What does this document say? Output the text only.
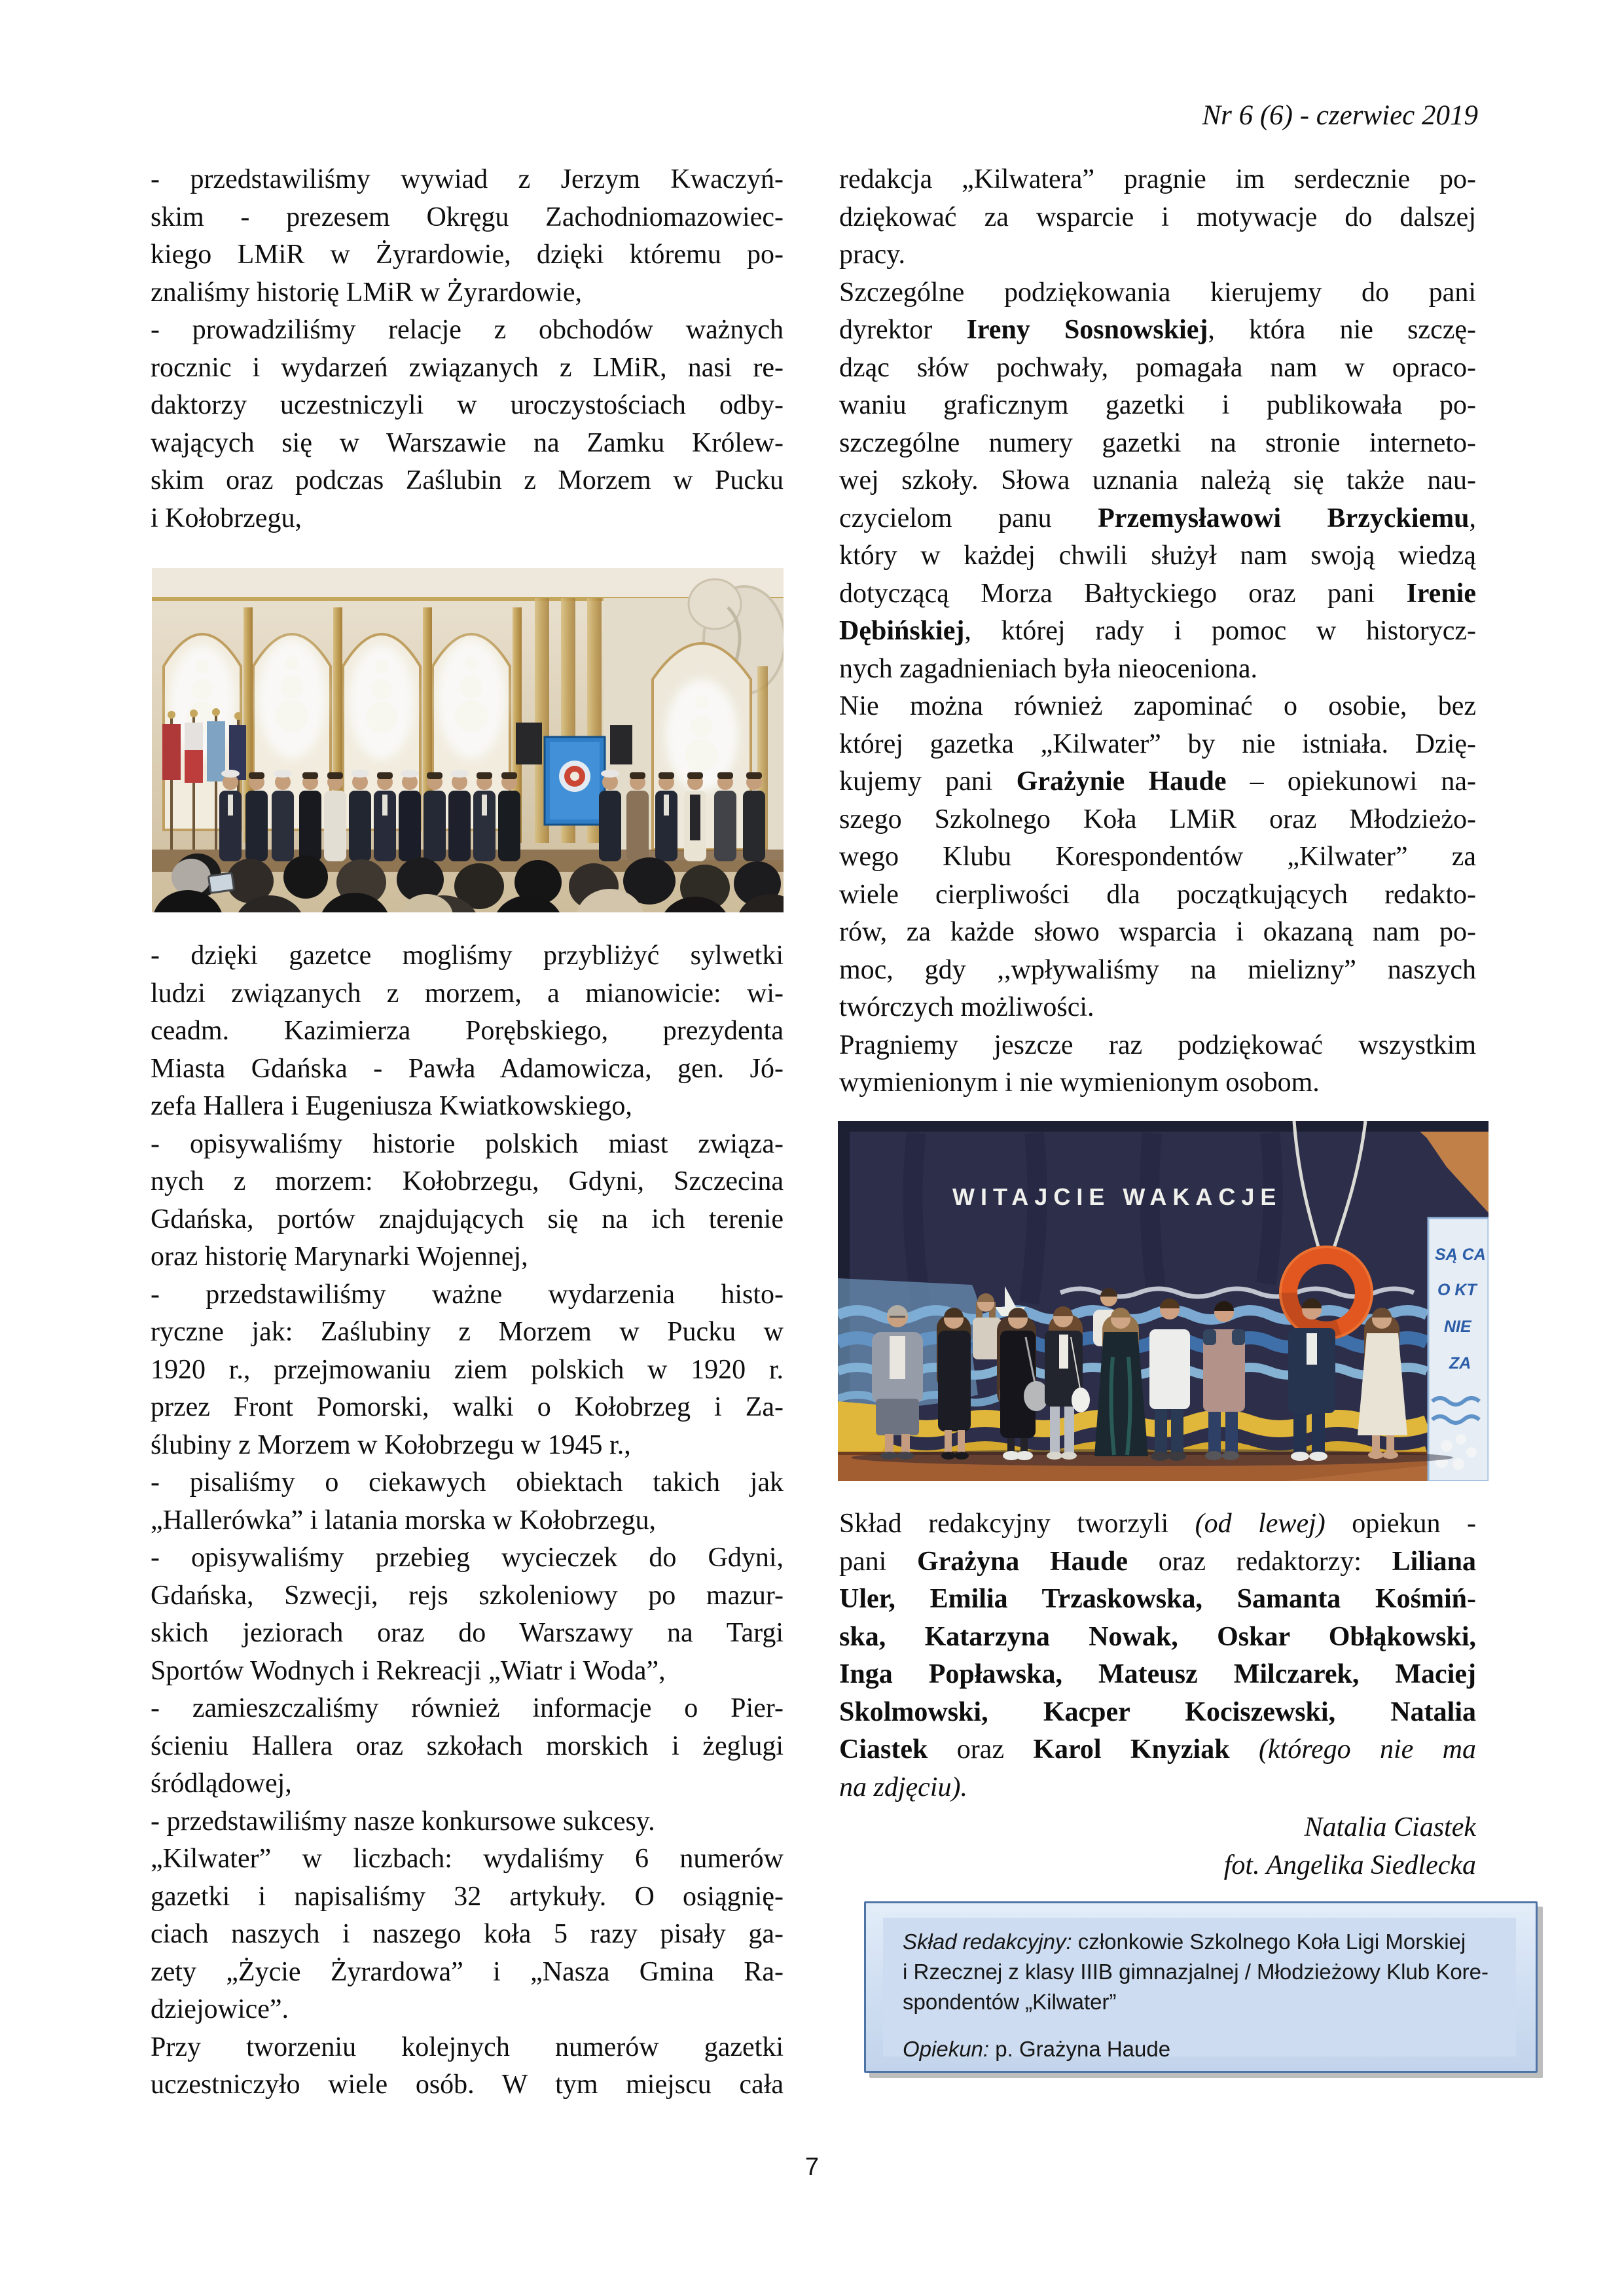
Nr 6 (6) - czerwiec 2019
- przedstawiliśmy wywiad z Jerzym Kwaczyń-
skim - prezesem Okręgu Zachodniomazowiec-
kiego LMiR w Żyrardowie, dzięki któremu po-
znaliśmy historię LMiR w Żyrardowie,
- prowadziliśmy relacje z obchodów ważnych
rocznic i wydarzeń związanych z LMiR, nasi re-
daktorzy uczestniczyli w uroczystościach odby-
wających się w Warszawie na Zamku Królew-
skim oraz podczas Zaślubin z Morzem w Pucku
i Kołobrzegu,
- dzięki gazetce mogliśmy przybliżyć sylwetki
ludzi związanych z morzem, a mianowicie: wi-
ceadm. Kazimierza Porębskiego, prezydenta
Miasta Gdańska - Pawła Adamowicza, gen. Jó-
zefa Hallera i Eugeniusza Kwiatkowskiego,
- opisywaliśmy historie polskich miast związa-
nych z morzem: Kołobrzegu, Gdyni, Szczecina
Gdańska, portów znajdujących się na ich terenie
oraz historię Marynarki Wojennej,
- przedstawiliśmy ważne wydarzenia histo-
ryczne jak: Zaślubiny z Morzem w Pucku w
1920 r., przejmowaniu ziem polskich w 1920 r.
przez Front Pomorski, walki o Kołobrzeg i Za-
ślubiny z Morzem w Kołobrzegu w 1945 r.,
- pisaliśmy o ciekawych obiektach takich jak
„Hallerówka” i latania morska w Kołobrzegu,
- opisywaliśmy przebieg wycieczek do Gdyni,
Gdańska, Szwecji, rejs szkoleniowy po mazur-
skich jeziorach oraz do Warszawy na Targi
Sportów Wodnych i Rekreacji „Wiatr i Woda”,
- zamieszczaliśmy również informacje o Pier-
ścieniu Hallera oraz szkołach morskich i żeglugi
śródlądowej,
- przedstawiliśmy nasze konkursowe sukcesy.
„Kilwater” w liczbach: wydaliśmy 6 numerów
gazetki i napisaliśmy 32 artykuły. O osiągnię-
ciach naszych i naszego koła 5 razy pisały ga-
zety „Życie Żyrardowa” i „Nasza Gmina Ra-
dziejowice”.
Przy tworzeniu kolejnych numerów gazetki
uczestniczyło wiele osób. W tym miejscu cała
redakcja „Kilwatera” pragnie im serdecznie po-
dziękować za wsparcie i motywacje do dalszej
pracy.
Szczególne podziękowania kierujemy do pani
dyrektor Ireny Sosnowskiej, która nie szczę-
dząc słów pochwały, pomagała nam w opraco-
waniu graficznym gazetki i publikowała po-
szczególne numery gazetki na stronie interneto-
wej szkoły. Słowa uznania należą się także nau-
czycielom panu Przemysławowi Brzyckiemu,
który w każdej chwili służył nam swoją wiedzą
dotyczącą Morza Bałtyckiego oraz pani Irenie
Dębińskiej, której rady i pomoc w historycz-
nych zagadnieniach była nieoceniona.
Nie można również zapominać o osobie, bez
której gazetka „Kilwater” by nie istniała. Dzię-
kujemy pani Grażynie Haude – opiekunowi na-
szego Szkolnego Koła LMiR oraz Młodzieżo-
wego Klubu Korespondentów „Kilwater” za
wiele cierpliwości dla początkujących redakto-
rów, za każde słowo wsparcia i okazaną nam po-
moc, gdy ,,wpływaliśmy na mielizny” naszych
twórczych możliwości.
Pragniemy jeszcze raz podziękować wszystkim
wymienionym i nie wymienionym osobom.
WITAJCIE WAKACJE
SĄ CA
O KT
NIE
ZA
Skład redakcyjny tworzyli (od lewej) opiekun -
pani Grażyna Haude oraz redaktorzy: Liliana
Uler, Emilia Trzaskowska, Samanta Kośmiń-
ska, Katarzyna Nowak, Oskar Obłąkowski,
Inga Popławska, Mateusz Milczarek, Maciej
Skolmowski, Kacper Kociszewski, Natalia
Ciastek oraz Karol Knyziak (którego nie ma
na zdjęciu).
Natalia Ciastek
fot. Angelika Siedlecka
Skład redakcyjny: członkowie Szkolnego Koła Ligi Morskiej
i Rzecznej z klasy IIIB gimnazjalnej / Młodzieżowy Klub Kore-
spondentów „Kilwater”
Opiekun: p. Grażyna Haude
7
